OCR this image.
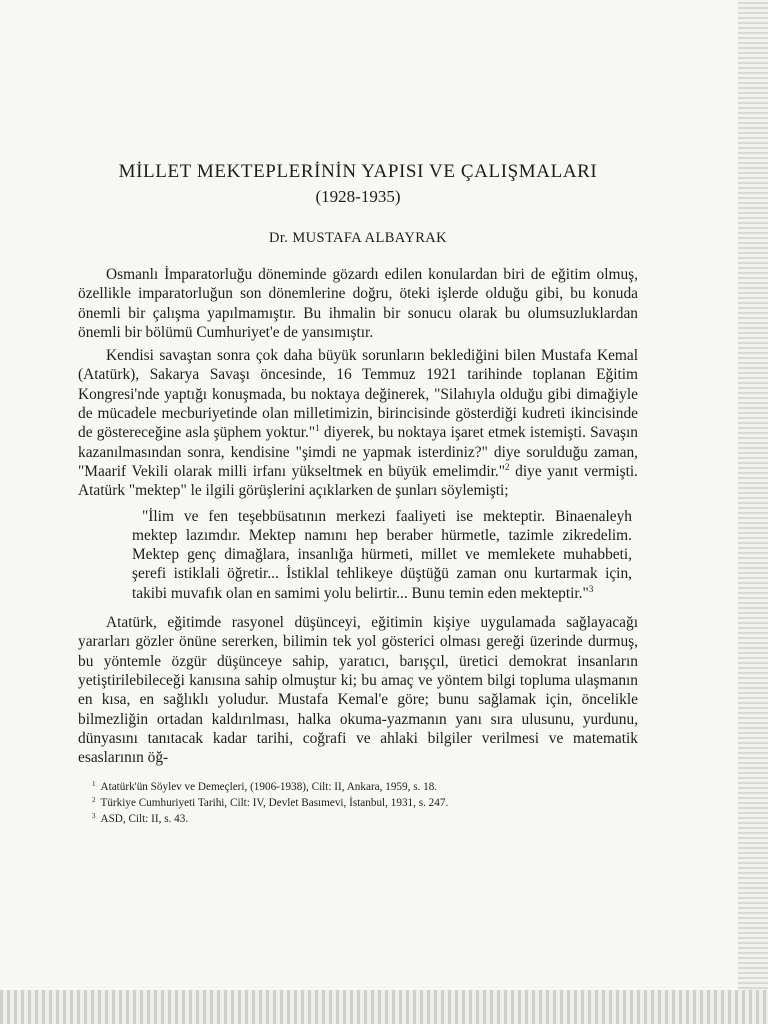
MİLLET MEKTEPLERİNİN YAPISI VE ÇALIŞMALARI
(1928-1935)
Dr. MUSTAFA ALBAYRAK

Osmanlı İmparatorluğu döneminde gözardı edilen konulardan biri de eğitim olmuş, özellikle imparatorluğun son dönemlerine doğru, öteki işlerde olduğu gibi, bu konuda önemli bir çalışma yapılmamıştır. Bu ihmalin bir sonucu olarak bu olumsuzluklardan önemli bir bölümü Cumhuriyet'e de yansımıştır.

Kendisi savaştan sonra çok daha büyük sorunların beklediğini bilen Mustafa Kemal (Atatürk), Sakarya Savaşı öncesinde, 16 Temmuz 1921 tarihinde toplanan Eğitim Kongresi'nde yaptığı konuşmada, bu noktaya değinerek, "Silahıyla olduğu gibi dimağiyle de mücadele mecburiyetinde olan milletimizin, birincisinde gösterdiği kudreti ikincisinde de göstereceğine asla şüphem yoktur."$^1$ diyerek, bu noktaya işaret etmek istemişti. Savaşın kazanılmasından sonra, kendisine "şimdi ne yapmak isterdiniz?" diye sorulduğu zaman, "Maarif Vekili olarak milli irfanı yükseltmek en büyük emelimdir."$^2$ diye yanıt vermişti. Atatürk "mektep" le ilgili görüşlerini açıklarken de şunları söylemişti;

"İlim ve fen teşebbüsatının merkezi faaliyeti ise mekteptir. Binaenaleyh mektep lazımdır. Mektep namını hep beraber hürmetle, tazimle zikredelim. Mektep genç dimağlara, insanlığa hürmeti, millet ve memlekete muhabbeti, şerefi istiklali öğretir... İstiklal tehlikeye düştüğü zaman onu kurtarmak için, takibi muvafık olan en samimi yolu belirtir... Bunu temin eden mekteptir."$^3$

Atatürk, eğitimde rasyonel düşünceyi, eğitimin kişiye uygulamada sağlayacağı yararları gözler önüne sererken, bilimin tek yol gösterici olması gereği üzerinde durmuş, bu yöntemle özgür düşünceye sahip, yaratıcı, barışçıl, üretici demokrat insanların yetiştirilebileceği kanısına sahip olmuştur ki; bu amaç ve yöntem bilgi topluma ulaşmanın en kısa, en sağlıklı yoludur. Mustafa Kemal'e göre; bunu sağlamak için, öncelikle bilmezliğin ortadan kaldırılması, halka okuma-yazmanın yanı sıra ulusunu, yurdunu, dünyasını tanıtacak kadar tarihi, coğrafi ve ahlaki bilgiler verilmesi ve matematik esaslarının öğ-

$^1$ Atatürk'ün Söylev ve Demeçleri, (1906-1938), Cilt: II, Ankara, 1959, s. 18.

$^2$ Türkiye Cumhuriyeti Tarihi, Cilt: IV, Devlet Basımevi, İstanbul, 1931, s. 247.

$^3$ ASD, Cilt: II, s. 43.
